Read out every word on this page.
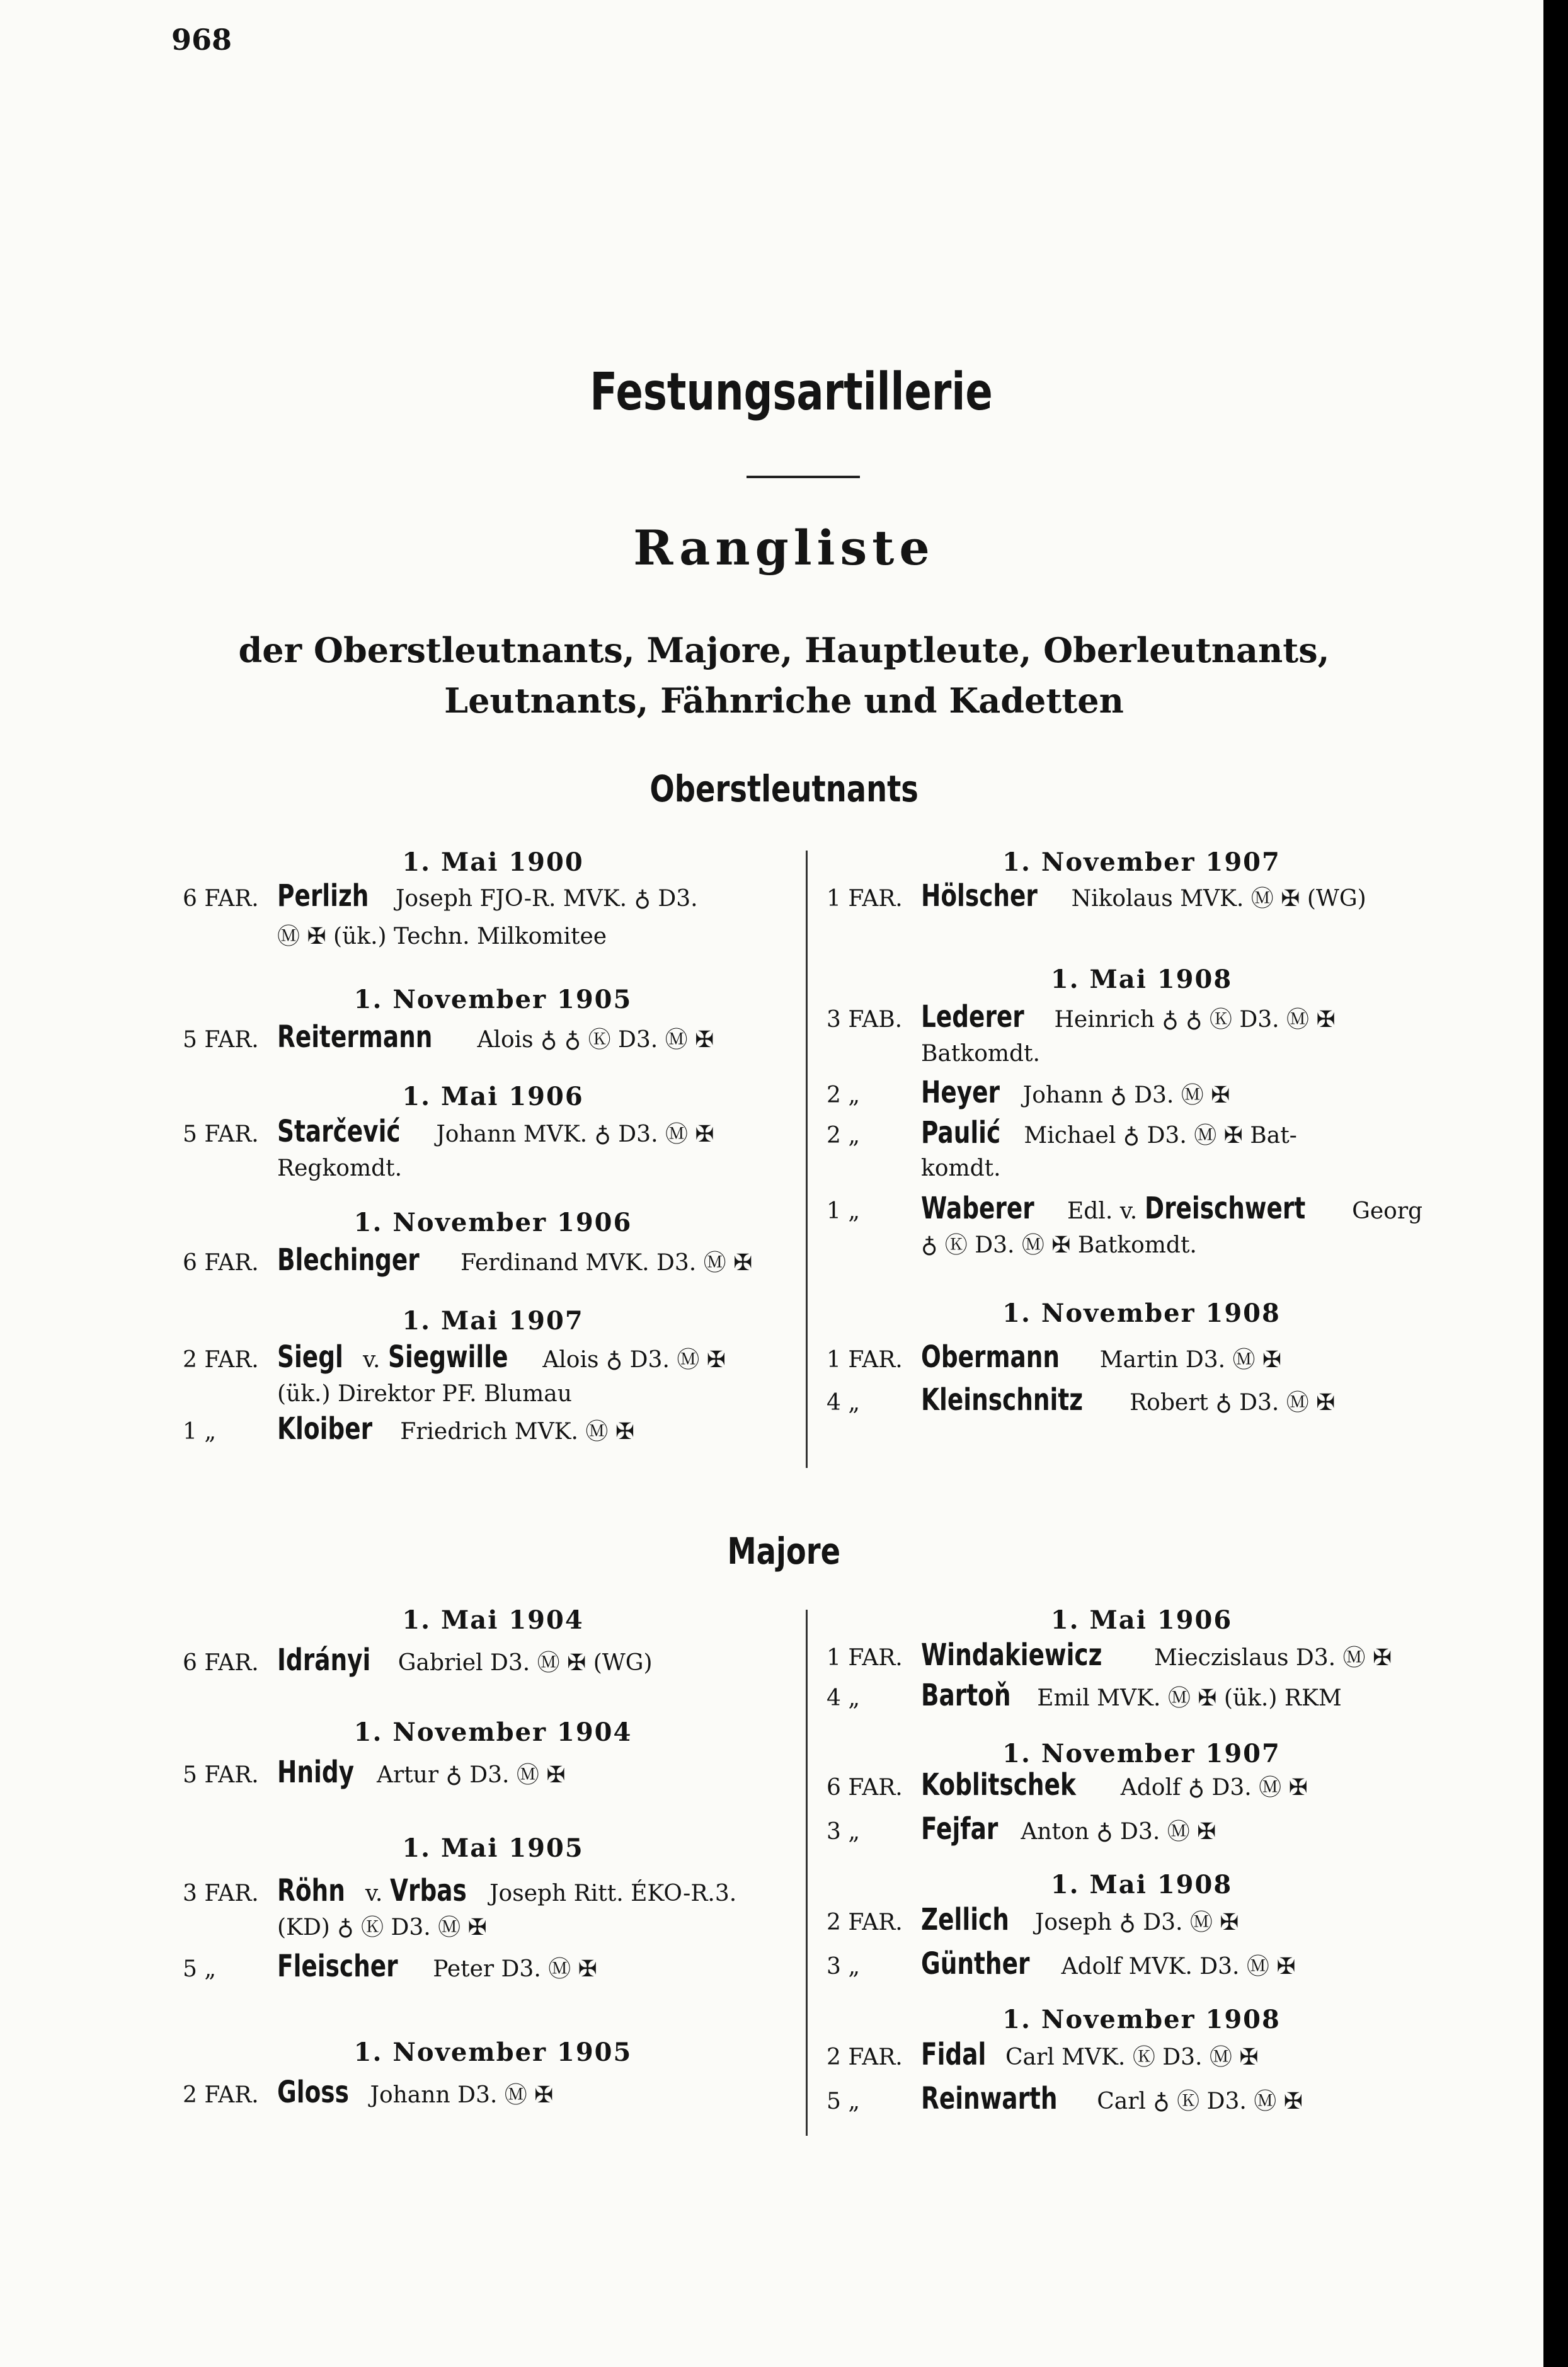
968
Festungsartillerie
Rangliste
der Oberstleutnants, Majore, Hauptleute, Oberleutnants,
Leutnants, Fähnriche und Kadetten
Oberstleutnants
1. Mai 1900
6 FAR. Perlizh Joseph FJO-R. MVK. ♁ D3.
Ⓜ ✠ (ük.) Techn. Milkomitee
1. November 1905
5 FAR. Reitermann Alois ♁ ♁ Ⓚ D3. Ⓜ ✠
1. Mai 1906
5 FAR. Starčević Johann MVK. ♁ D3. Ⓜ ✠
Regkomdt.
1. November 1906
6 FAR. Blechinger Ferdinand MVK. D3. Ⓜ ✠
1. Mai 1907
2 FAR. Siegl v. Siegwille Alois ♁ D3. Ⓜ ✠
(ük.) Direktor PF. Blumau
1 „ Kloiber Friedrich MVK. Ⓜ ✠
1. November 1907
1 FAR. Hölscher Nikolaus MVK. Ⓜ ✠ (WG)
1. Mai 1908
3 FAB. Lederer Heinrich ♁ ♁ Ⓚ D3. Ⓜ ✠
Batkomdt.
2 „ Heyer Johann ♁ D3. Ⓜ ✠
2 „ Paulić Michael ♁ D3. Ⓜ ✠ Bat-
komdt.
1 „ Waberer Edl. v. Dreischwert Georg
♁ Ⓚ D3. Ⓜ ✠ Batkomdt.
1. November 1908
1 FAR. Obermann Martin D3. Ⓜ ✠
4 „ Kleinschnitz Robert ♁ D3. Ⓜ ✠
Majore
1. Mai 1904
6 FAR. Idrányi Gabriel D3. Ⓜ ✠ (WG)
1. November 1904
5 FAR. Hnidy Artur ♁ D3. Ⓜ ✠
1. Mai 1905
3 FAR. Röhn v. Vrbas Joseph Ritt. ÉKO-R.3.
(KD) ♁ Ⓚ D3. Ⓜ ✠
5 „ Fleischer Peter D3. Ⓜ ✠
1. November 1905
2 FAR. Gloss Johann D3. Ⓜ ✠
1. Mai 1906
1 FAR. Windakiewicz Mieczislaus D3. Ⓜ ✠
4 „ Bartoň Emil MVK. Ⓜ ✠ (ük.) RKM
1. November 1907
6 FAR. Koblitschek Adolf ♁ D3. Ⓜ ✠
3 „ Fejfar Anton ♁ D3. Ⓜ ✠
1. Mai 1908
2 FAR. Zellich Joseph ♁ D3. Ⓜ ✠
3 „ Günther Adolf MVK. D3. Ⓜ ✠
1. November 1908
2 FAR. Fidal Carl MVK. Ⓚ D3. Ⓜ ✠
5 „ Reinwarth Carl ♁ Ⓚ D3. Ⓜ ✠
